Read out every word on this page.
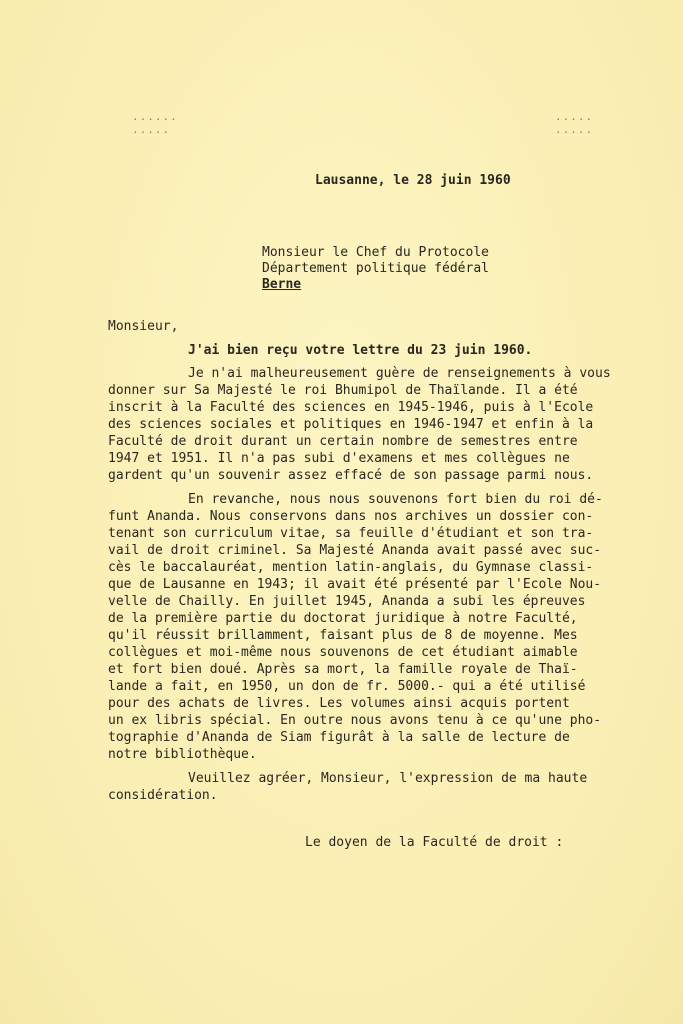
......	.....
.....	.....
Lausanne, le 28 juin 1960
Monsieur le Chef du Protocole
Département politique fédéral
Berne
Monsieur,
J'ai bien reçu votre lettre du 23 juin 1960.
Je n'ai malheureusement guère de renseignements à vous
donner sur Sa Majesté le roi Bhumipol de Thaïlande. Il a été
inscrit à la Faculté des sciences en 1945-1946, puis à l'Ecole
des sciences sociales et politiques en 1946-1947 et enfin à la
Faculté de droit durant un certain nombre de semestres entre
1947 et 1951. Il n'a pas subi d'examens et mes collègues ne
gardent qu'un souvenir assez effacé de son passage parmi nous.
En revanche, nous nous souvenons fort bien du roi dé-
funt Ananda. Nous conservons dans nos archives un dossier con-
tenant son curriculum vitae, sa feuille d'étudiant et son tra-
vail de droit criminel. Sa Majesté Ananda avait passé avec suc-
cès le baccalauréat, mention latin-anglais, du Gymnase classi-
que de Lausanne en 1943; il avait été présenté par l'Ecole Nou-
velle de Chailly. En juillet 1945, Ananda a subi les épreuves
de la première partie du doctorat juridique à notre Faculté,
qu'il réussit brillamment, faisant plus de 8 de moyenne. Mes
collègues et moi-même nous souvenons de cet étudiant aimable
et fort bien doué. Après sa mort, la famille royale de Thaï-
lande a fait, en 1950, un don de fr. 5000.- qui a été utilisé
pour des achats de livres. Les volumes ainsi acquis portent
un ex libris spécial. En outre nous avons tenu à ce qu'une pho-
tographie d'Ananda de Siam figurât à la salle de lecture de
notre bibliothèque.
Veuillez agréer, Monsieur, l'expression de ma haute
considération.
Le doyen de la Faculté de droit :
